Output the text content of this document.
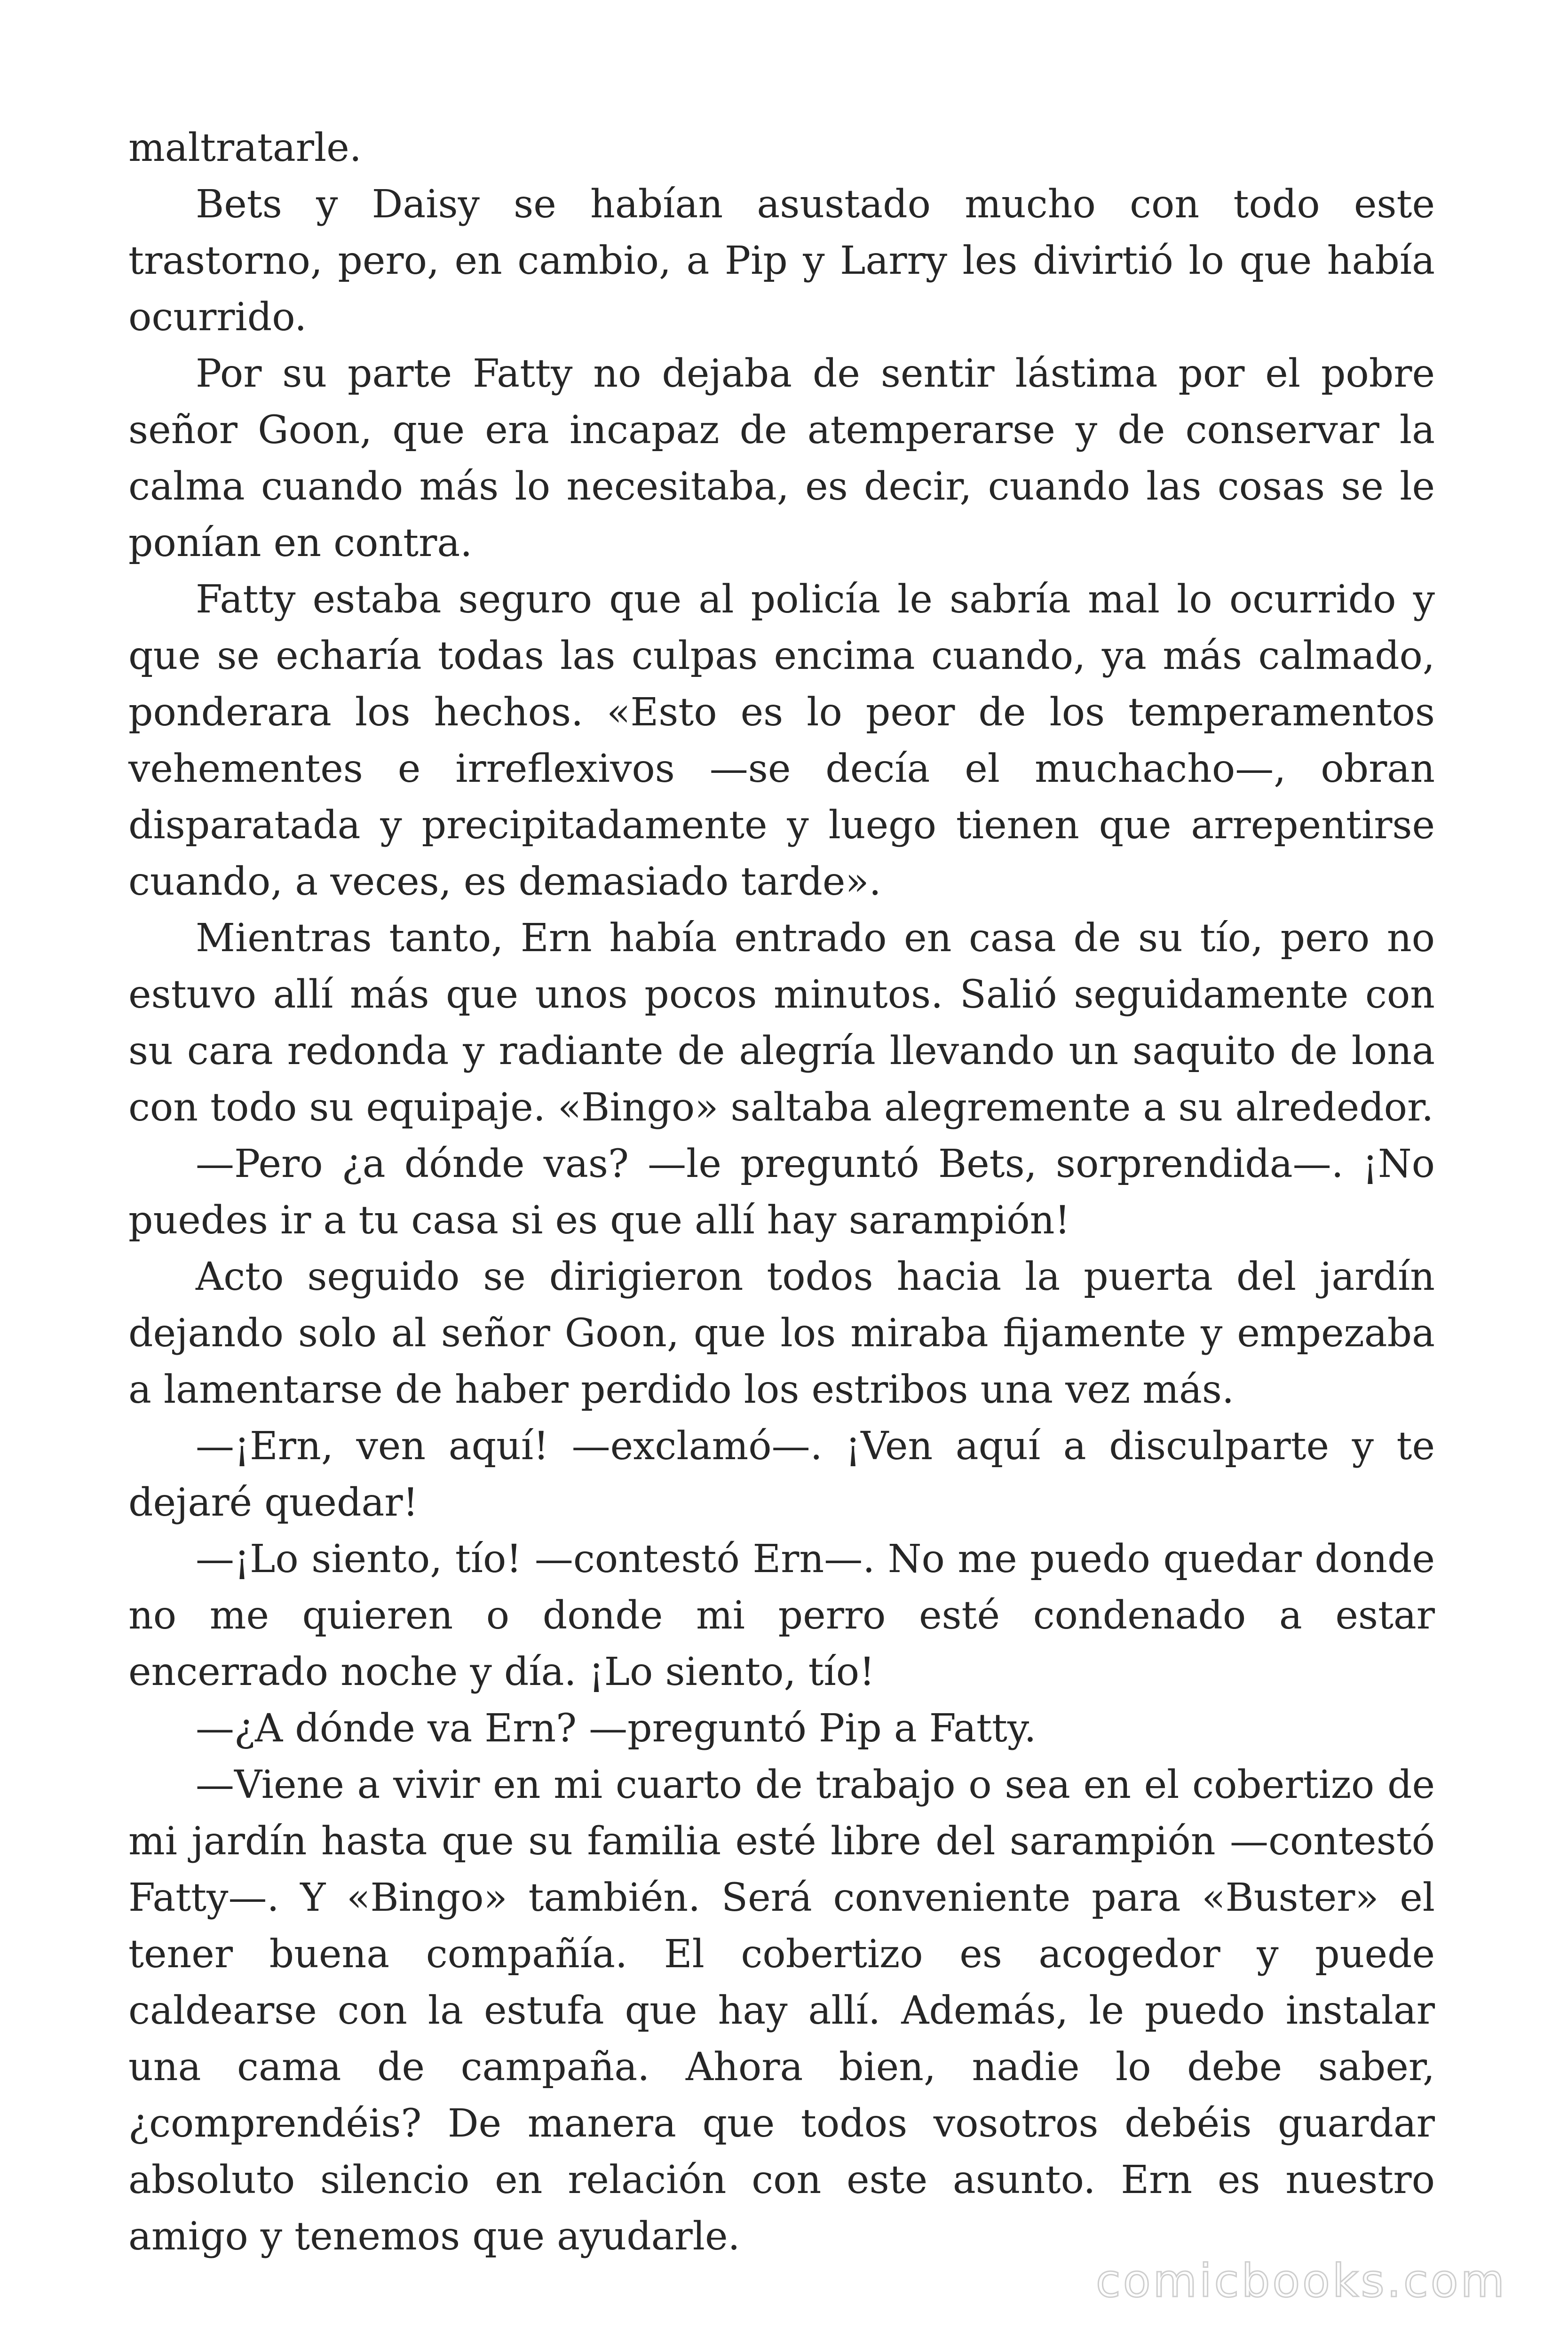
maltratarle.

Bets y Daisy se habían asustado mucho con todo este trastorno, pero, en cambio, a Pip y Larry les divirtió lo que había ocurrido.

Por su parte Fatty no dejaba de sentir lástima por el pobre señor Goon, que era incapaz de atemperarse y de conservar la calma cuando más lo necesitaba, es decir, cuando las cosas se le ponían en contra.

Fatty estaba seguro que al policía le sabría mal lo ocurrido y que se echaría todas las culpas encima cuando, ya más calmado, ponderara los hechos. «Esto es lo peor de los temperamentos vehementes e irreflexivos —se decía el muchacho—, obran disparatada y precipitadamente y luego tienen que arrepentirse cuando, a veces, es demasiado tarde».

Mientras tanto, Ern había entrado en casa de su tío, pero no estuvo allí más que unos pocos minutos. Salió seguidamente con su cara redonda y radiante de alegría llevando un saquito de lona con todo su equipaje. «Bingo» saltaba alegremente a su alrededor.

—Pero ¿a dónde vas? —le preguntó Bets, sorprendida—. ¡No puedes ir a tu casa si es que allí hay sarampión!

Acto seguido se dirigieron todos hacia la puerta del jardín dejando solo al señor Goon, que los miraba fijamente y empezaba a lamentarse de haber perdido los estribos una vez más.

—¡Ern, ven aquí! —exclamó—. ¡Ven aquí a disculparte y te dejaré quedar!

—¡Lo siento, tío! —contestó Ern—. No me puedo quedar donde no me quieren o donde mi perro esté condenado a estar encerrado noche y día. ¡Lo siento, tío!

—¿A dónde va Ern? —preguntó Pip a Fatty.

—Viene a vivir en mi cuarto de trabajo o sea en el cobertizo de mi jardín hasta que su familia esté libre del sarampión —contestó Fatty—. Y «Bingo» también. Será conveniente para «Buster» el tener buena compañía. El cobertizo es acogedor y puede caldearse con la estufa que hay allí. Además, le puedo instalar una cama de campaña. Ahora bien, nadie lo debe saber, ¿comprendéis? De manera que todos vosotros debéis guardar absoluto silencio en relación con este asunto. Ern es nuestro amigo y tenemos que ayudarle.

comicbooks.com
